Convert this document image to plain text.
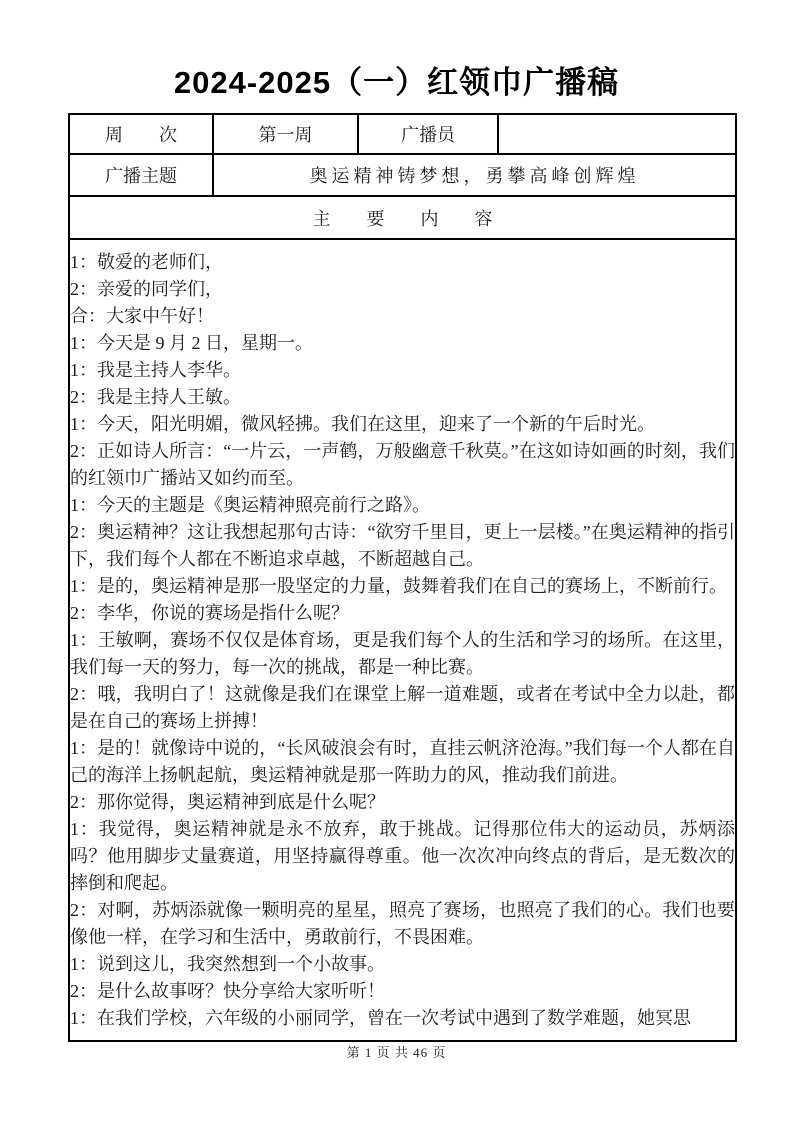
2024-2025（一）红领巾广播稿
周　　次	第一周	广播员	
广播主题	奥运精神铸梦想，勇攀高峰创辉煌		
主　　要　　内　　容			

1：敬爱的老师们，

2：亲爱的同学们，

合：大家中午好！

1：今天是 9 月 2 日，星期一。

1：我是主持人李华。

2：我是主持人王敏。

1：今天，阳光明媚，微风轻拂。我们在这里，迎来了一个新的午后时光。

2：正如诗人所言：“一片云，一声鹤，万般幽意千秋莫。”在这如诗如画的时刻，我们的红领巾广播站又如约而至。

1：今天的主题是《奥运精神照亮前行之路》。

2：奥运精神？这让我想起那句古诗：“欲穷千里目，更上一层楼。”在奥运精神的指引下，我们每个人都在不断追求卓越，不断超越自己。

1：是的，奥运精神是那一股坚定的力量，鼓舞着我们在自己的赛场上，不断前行。

2：李华，你说的赛场是指什么呢？

1：王敏啊，赛场不仅仅是体育场，更是我们每个人的生活和学习的场所。在这里，我们每一天的努力，每一次的挑战，都是一种比赛。

2：哦，我明白了！这就像是我们在课堂上解一道难题，或者在考试中全力以赴，都是在自己的赛场上拼搏！

1：是的！就像诗中说的，“长风破浪会有时，直挂云帆济沧海。”我们每一个人都在自己的海洋上扬帆起航，奥运精神就是那一阵助力的风，推动我们前进。

2：那你觉得，奥运精神到底是什么呢？

1：我觉得，奥运精神就是永不放弃，敢于挑战。记得那位伟大的运动员，苏炳添吗？他用脚步丈量赛道，用坚持赢得尊重。他一次次冲向终点的背后，是无数次的摔倒和爬起。

2：对啊，苏炳添就像一颗明亮的星星，照亮了赛场，也照亮了我们的心。我们也要像他一样，在学习和生活中，勇敢前行，不畏困难。

1：说到这儿，我突然想到一个小故事。

2：是什么故事呀？快分享给大家听听！

1：在我们学校，六年级的小丽同学，曾在一次考试中遇到了数学难题，她冥思

第 1 页 共 46 页
